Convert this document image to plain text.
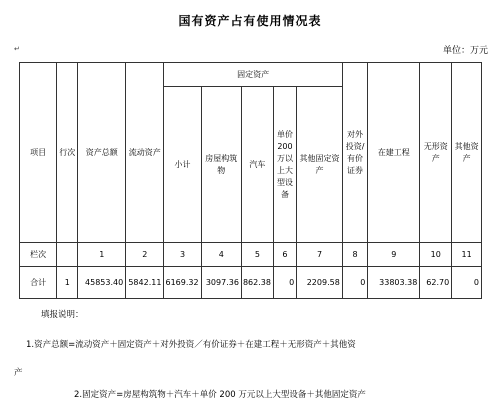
国有资产占有使用情况表
↵	单位：万元
项目	行次	资产总额	流动资产	固定资产					对外投资/有价证券	在建工程	无形资产	其他资产
				小计	房屋构筑物	汽车	单价200万以上大型设备	其他固定资产				
栏次		1	2	3	4	5	6	7	8	9	10	11
合计	1	45853.40	5842.11	6169.32	3097.36	862.38	0	2209.58	0	33803.38	62.70	0
填报说明：
1.资产总额=流动资产＋固定资产＋对外投资／有价证券＋在建工程＋无形资产＋其他资
产
2.固定资产=房屋构筑物＋汽车＋单价 200 万元以上大型设备＋其他固定资产
